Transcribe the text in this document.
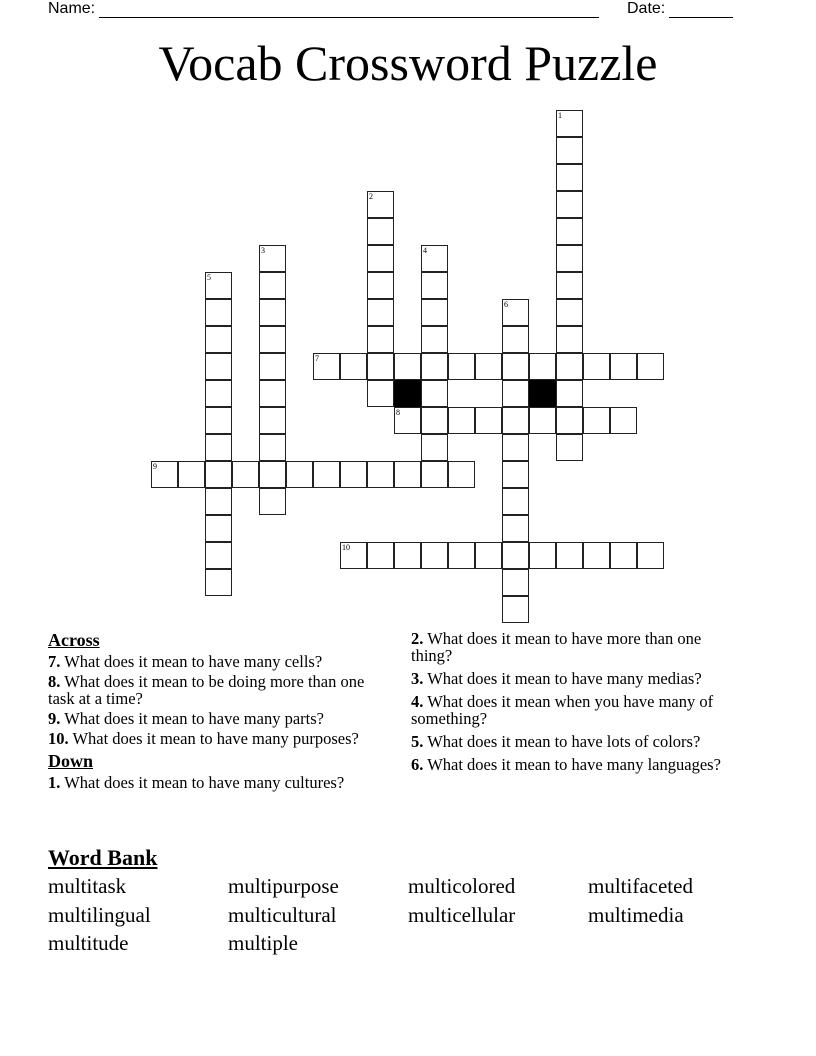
Name:	Date:
Vocab Crossword Puzzle
1
2
3	4
5
6
7
8
9
10
Across
7. What does it mean to have many cells?
8. What does it mean to be doing more than one task at a time?
9. What does it mean to have many parts?
10. What does it mean to have many purposes?
Down
1. What does it mean to have many cultures?
2. What does it mean to have more than one thing?
3. What does it mean to have many medias?
4. What does it mean when you have many of something?
5. What does it mean to have lots of colors?
6. What does it mean to have many languages?
Word Bank
multitask	multipurpose	multicolored	multifaceted
multilingual	multicultural	multicellular	multimedia
multitude	multiple
